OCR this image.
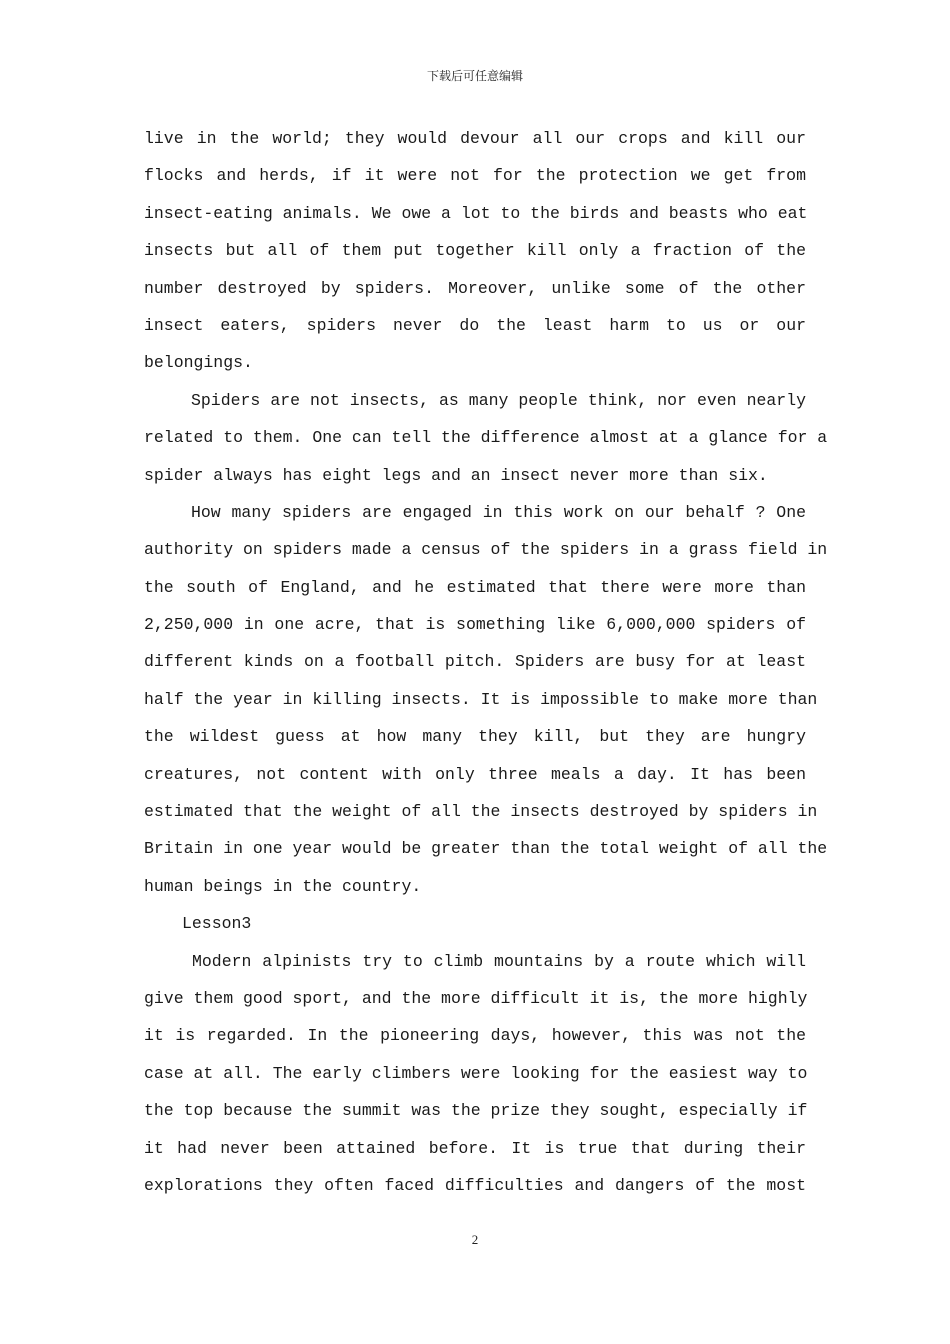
下载后可任意编辑
live in the world; they would devour all our crops and kill our
flocks and herds, if it were not for the protection we get from
insect-eating animals. We owe a lot to the birds and beasts who eat
insects but all of them put together kill only a fraction of the
number destroyed by spiders. Moreover, unlike some of the other
insect eaters, spiders never do the least harm to us or our
belongings.
Spiders are not insects, as many people think, nor even nearly
related to them. One can tell the difference almost at a glance for a
spider always has eight legs and an insect never more than six.
How many spiders are engaged in this work on our behalf ? One
authority on spiders made a census of the spiders in a grass field in
the south of England, and he estimated that there were more than
2,250,000 in one acre, that is something like 6,000,000 spiders of
different kinds on a football pitch. Spiders are busy for at least
half the year in killing insects. It is impossible to make more than
the wildest guess at how many they kill, but they are hungry
creatures, not content with only three meals a day. It has been
estimated that the weight of all the insects destroyed by spiders in
Britain in one year would be greater than the total weight of all the
human beings in the country.
Lesson3
Modern alpinists try to climb mountains by a route which will
give them good sport, and the more difficult it is, the more highly
it is regarded. In the pioneering days, however, this was not the
case at all. The early climbers were looking for the easiest way to
the top because the summit was the prize they sought, especially if
it had never been attained before. It is true that during their
explorations they often faced difficulties and dangers of the most
2
